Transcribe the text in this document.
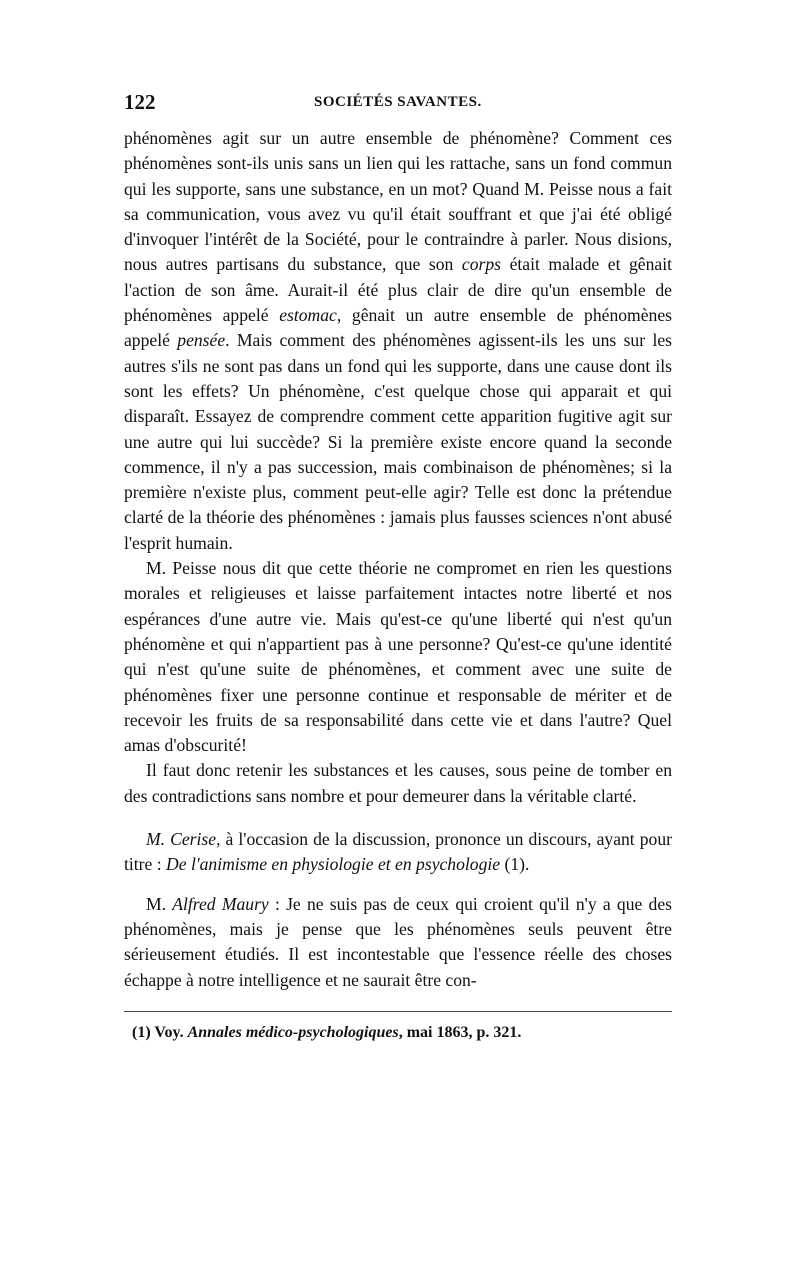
122	SOCIÉTÉS SAVANTES.

phénomènes agit sur un autre ensemble de phénomène? Comment ces phénomènes sont-ils unis sans un lien qui les rattache, sans un fond commun qui les supporte, sans une substance, en un mot? Quand M. Peisse nous a fait sa communication, vous avez vu qu'il était souffrant et que j'ai été obligé d'invoquer l'intérêt de la Société, pour le contraindre à parler. Nous disions, nous autres partisans du substance, que son corps était malade et gênait l'action de son âme. Aurait-il été plus clair de dire qu'un ensemble de phénomènes appelé estomac, gênait un autre ensemble de phénomènes appelé pensée. Mais comment des phénomènes agissent-ils les uns sur les autres s'ils ne sont pas dans un fond qui les supporte, dans une cause dont ils sont les effets? Un phénomène, c'est quelque chose qui apparait et qui disparaît. Essayez de comprendre comment cette apparition fugitive agit sur une autre qui lui succède? Si la première existe encore quand la seconde commence, il n'y a pas succession, mais combinaison de phénomènes; si la première n'existe plus, comment peut-elle agir? Telle est donc la prétendue clarté de la théorie des phénomènes : jamais plus fausses sciences n'ont abusé l'esprit humain.

M. Peisse nous dit que cette théorie ne compromet en rien les questions morales et religieuses et laisse parfaitement intactes notre liberté et nos espérances d'une autre vie. Mais qu'est-ce qu'une liberté qui n'est qu'un phénomène et qui n'appartient pas à une personne? Qu'est-ce qu'une identité qui n'est qu'une suite de phénomènes, et comment avec une suite de phénomènes fixer une personne continue et responsable de mériter et de recevoir les fruits de sa responsabilité dans cette vie et dans l'autre? Quel amas d'obscurité!

Il faut donc retenir les substances et les causes, sous peine de tomber en des contradictions sans nombre et pour demeurer dans la véritable clarté.

M. Cerise, à l'occasion de la discussion, prononce un discours, ayant pour titre : De l'animisme en physiologie et en psychologie (1).

M. Alfred Maury : Je ne suis pas de ceux qui croient qu'il n'y a que des phénomènes, mais je pense que les phénomènes seuls peuvent être sérieusement étudiés. Il est incontestable que l'essence réelle des choses échappe à notre intelligence et ne saurait être con-

(1) Voy. Annales médico-psychologiques, mai 1863, p. 321.
